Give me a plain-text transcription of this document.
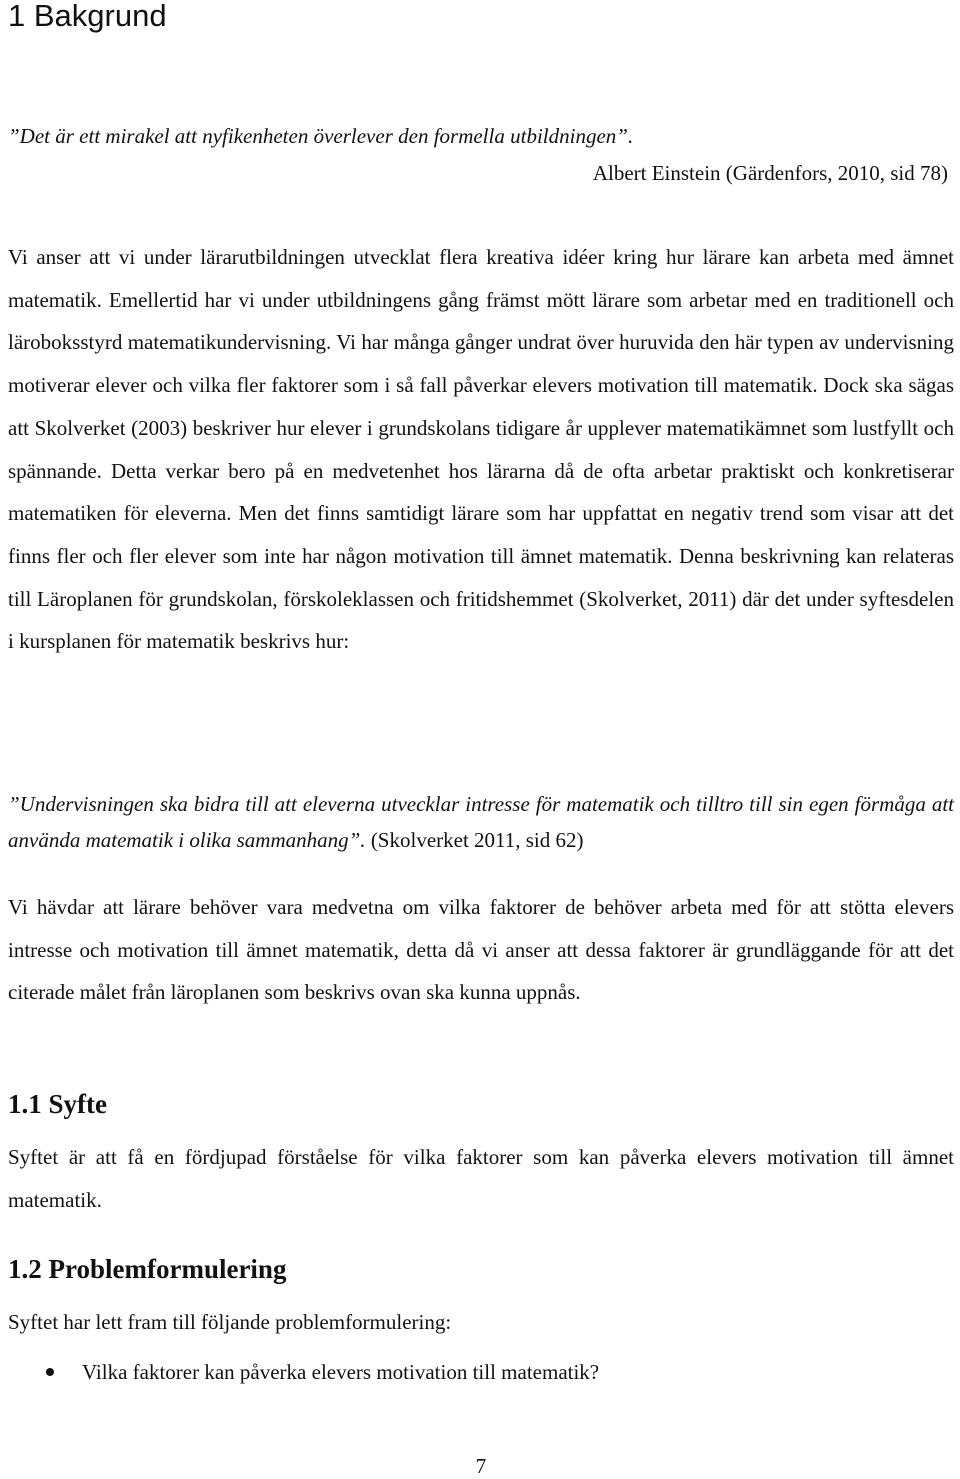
1 Bakgrund
”Det är ett mirakel att nyfikenheten överlever den formella utbildningen”.
Albert Einstein (Gärdenfors, 2010, sid 78)

Vi anser att vi under lärarutbildningen utvecklat flera kreativa idéer kring hur lärare kan arbeta med ämnet matematik. Emellertid har vi under utbildningens gång främst mött lärare som arbetar med en traditionell och läroboksstyrd matematikundervisning. Vi har många gånger undrat över huruvida den här typen av undervisning motiverar elever och vilka fler faktorer som i så fall påverkar elevers motivation till matematik. Dock ska sägas att Skolverket (2003) beskriver hur elever i grundskolans tidigare år upplever matematikämnet som lustfyllt och spännande. Detta verkar bero på en medvetenhet hos lärarna då de ofta arbetar praktiskt och konkretiserar matematiken för eleverna. Men det finns samtidigt lärare som har uppfattat en negativ trend som visar att det finns fler och fler elever som inte har någon motivation till ämnet matematik. Denna beskrivning kan relateras till Läroplanen för grundskolan, förskoleklassen och fritidshemmet (Skolverket, 2011) där det under syftesdelen i kursplanen för matematik beskrivs hur:

”Undervisningen ska bidra till att eleverna utvecklar intresse för matematik och tilltro till sin egen förmåga att använda matematik i olika sammanhang”. (Skolverket 2011, sid 62)

Vi hävdar att lärare behöver vara medvetna om vilka faktorer de behöver arbeta med för att stötta elevers intresse och motivation till ämnet matematik, detta då vi anser att dessa faktorer är grundläggande för att det citerade målet från läroplanen som beskrivs ovan ska kunna uppnås.

1.1 Syfte

Syftet är att få en fördjupad förståelse för vilka faktorer som kan påverka elevers motivation till ämnet matematik.

1.2 Problemformulering

Syftet har lett fram till följande problemformulering:

Vilka faktorer kan påverka elevers motivation till matematik?
7
